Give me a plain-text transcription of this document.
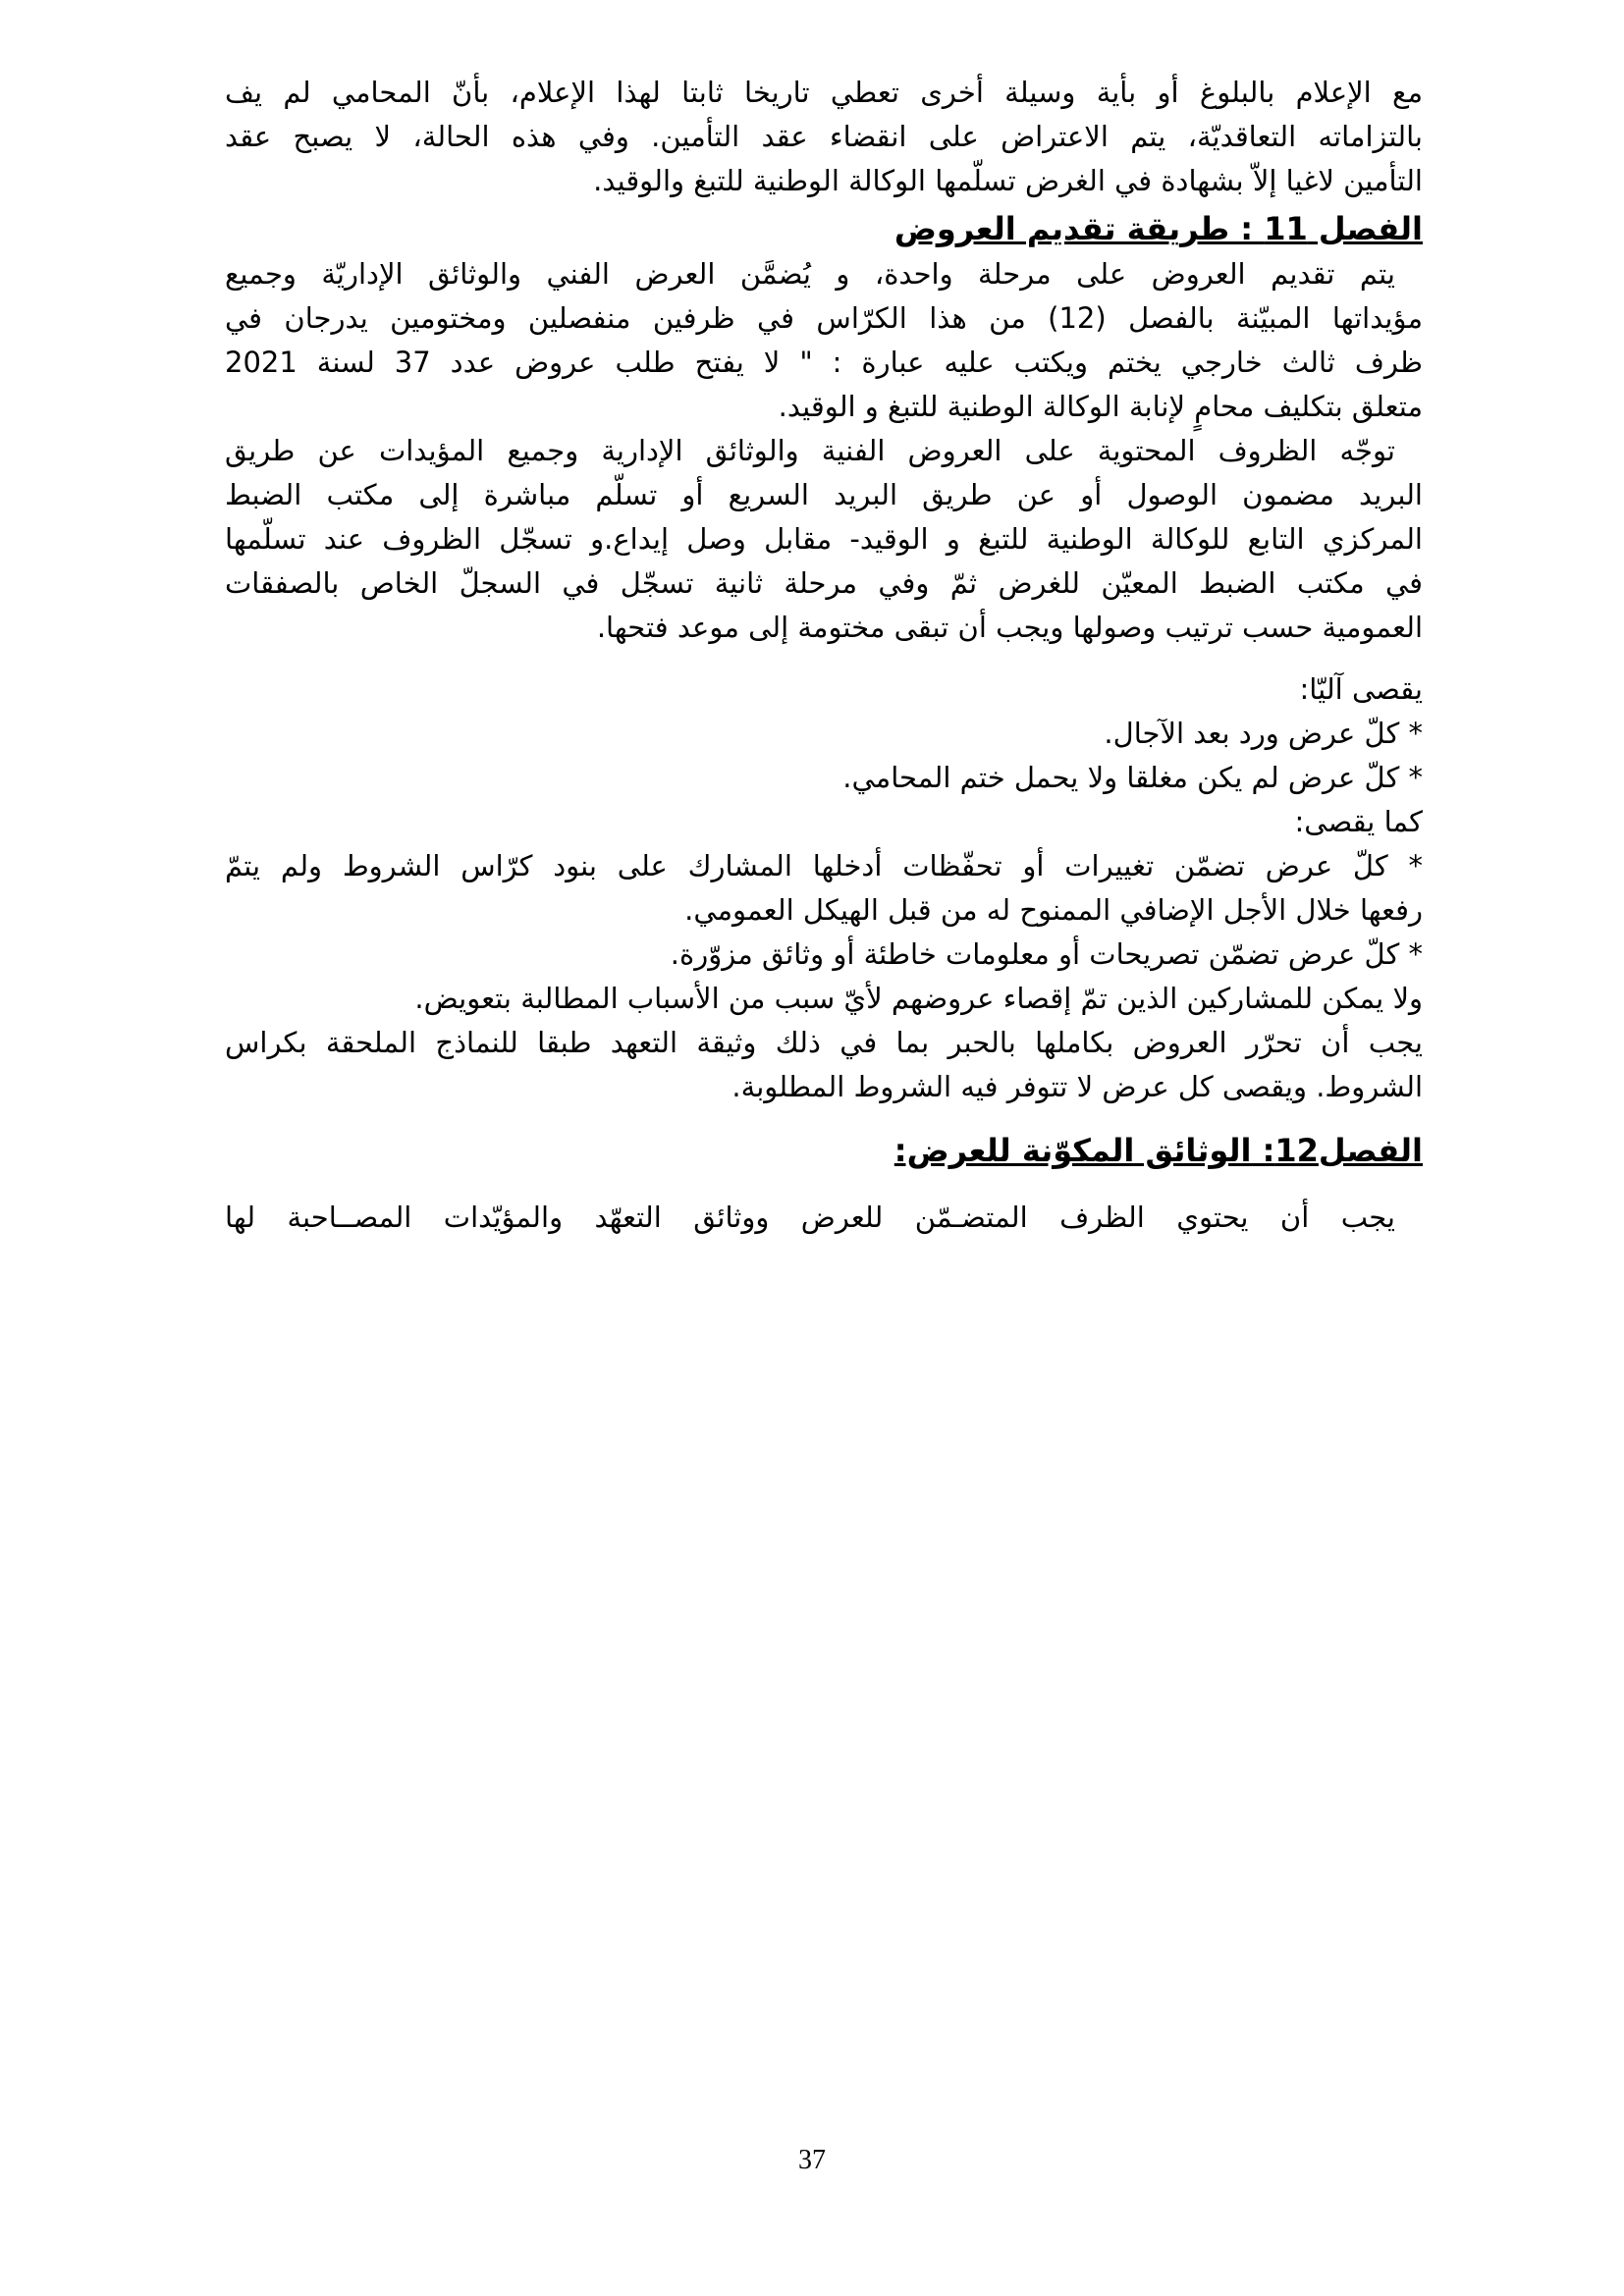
مع الإعلام بالبلوغ أو بأية وسيلة أخرى تعطي تاريخا ثابتا لهذا الإعلام، بأنّ المحامي لم يف
بالتزاماته التعاقديّة، يتم الاعتراض على انقضاء عقد التأمين. وفي هذه الحالة، لا يصبح عقد
التأمين لاغيا إلاّ بشهادة في الغرض تسلّمها الوكالة الوطنية للتبغ والوقيد.
الفصل 11 : طريقة تقديم العروض
يتم تقديم العروض على مرحلة واحدة، و يُضمَّن العرض الفني والوثائق الإداريّة وجميع
مؤيداتها المبيّنة بالفصل (12) من هذا الكرّاس في ظرفين منفصلين ومختومين يدرجان في
ظرف ثالث خارجي يختم ويكتب عليه عبارة : " لا يفتح طلب عروض عدد 37 لسنة 2021
متعلق بتكليف محامٍ لإنابة الوكالة الوطنية للتبغ و الوقيد.
توجّه الظروف المحتوية على العروض الفنية والوثائق الإدارية وجميع المؤيدات عن طريق
البريد مضمون الوصول أو عن طريق البريد السريع أو تسلّم مباشرة إلى مكتب الضبط
المركزي التابع للوكالة الوطنية للتبغ و الوقيد- مقابل وصل إيداع.و تسجّل الظروف عند تسلّمها
في مكتب الضبط المعيّن للغرض ثمّ وفي مرحلة ثانية تسجّل في السجلّ الخاص بالصفقات
العمومية حسب ترتيب وصولها ويجب أن تبقى مختومة إلى موعد فتحها.
يقصى آليّا:
* كلّ عرض ورد بعد الآجال.
* كلّ عرض لم يكن مغلقا ولا يحمل ختم المحامي.
كما يقصى:
* كلّ عرض تضمّن تغييرات أو تحفّظات أدخلها المشارك على بنود كرّاس الشروط ولم يتمّ
رفعها خلال الأجل الإضافي الممنوح له من قبل الهيكل العمومي.
* كلّ عرض تضمّن تصريحات أو معلومات خاطئة أو وثائق مزوّرة.
ولا يمكن للمشاركين الذين تمّ إقصاء عروضهم لأيّ سبب من الأسباب المطالبة بتعويض.
يجب أن تحرّر العروض بكاملها بالحبر بما في ذلك وثيقة التعهد طبقا للنماذج الملحقة بكراس
الشروط. ويقصى كل عرض لا تتوفر فيه الشروط المطلوبة.
الفصل12: الوثائق المكوّنة للعرض:
يجب أن يحتوي الظرف المتضـمّن للعرض ووثائق التعهّد والمؤيّدات المصــاحبة لها
37
